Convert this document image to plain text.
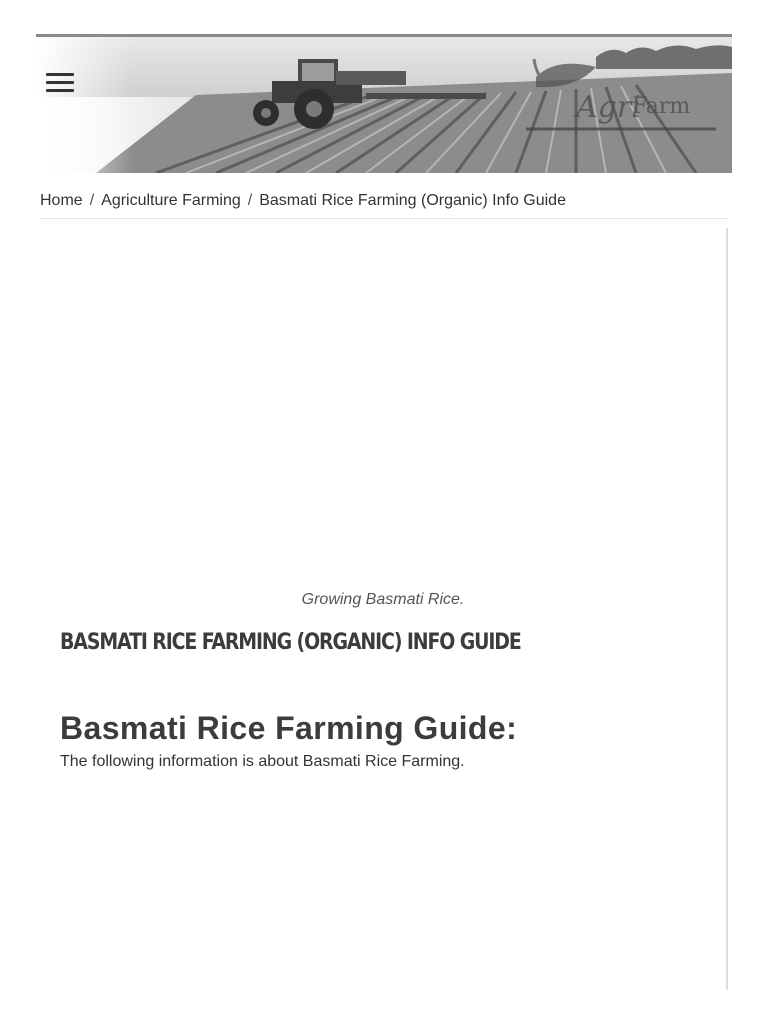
Home / Agriculture Farming / Basmati Rice Farming (Organic) Info Guide
Growing Basmati Rice.
BASMATI RICE FARMING (ORGANIC) INFO GUIDE
Basmati Rice Farming Guide:

The following information is about Basmati Rice Farming.
